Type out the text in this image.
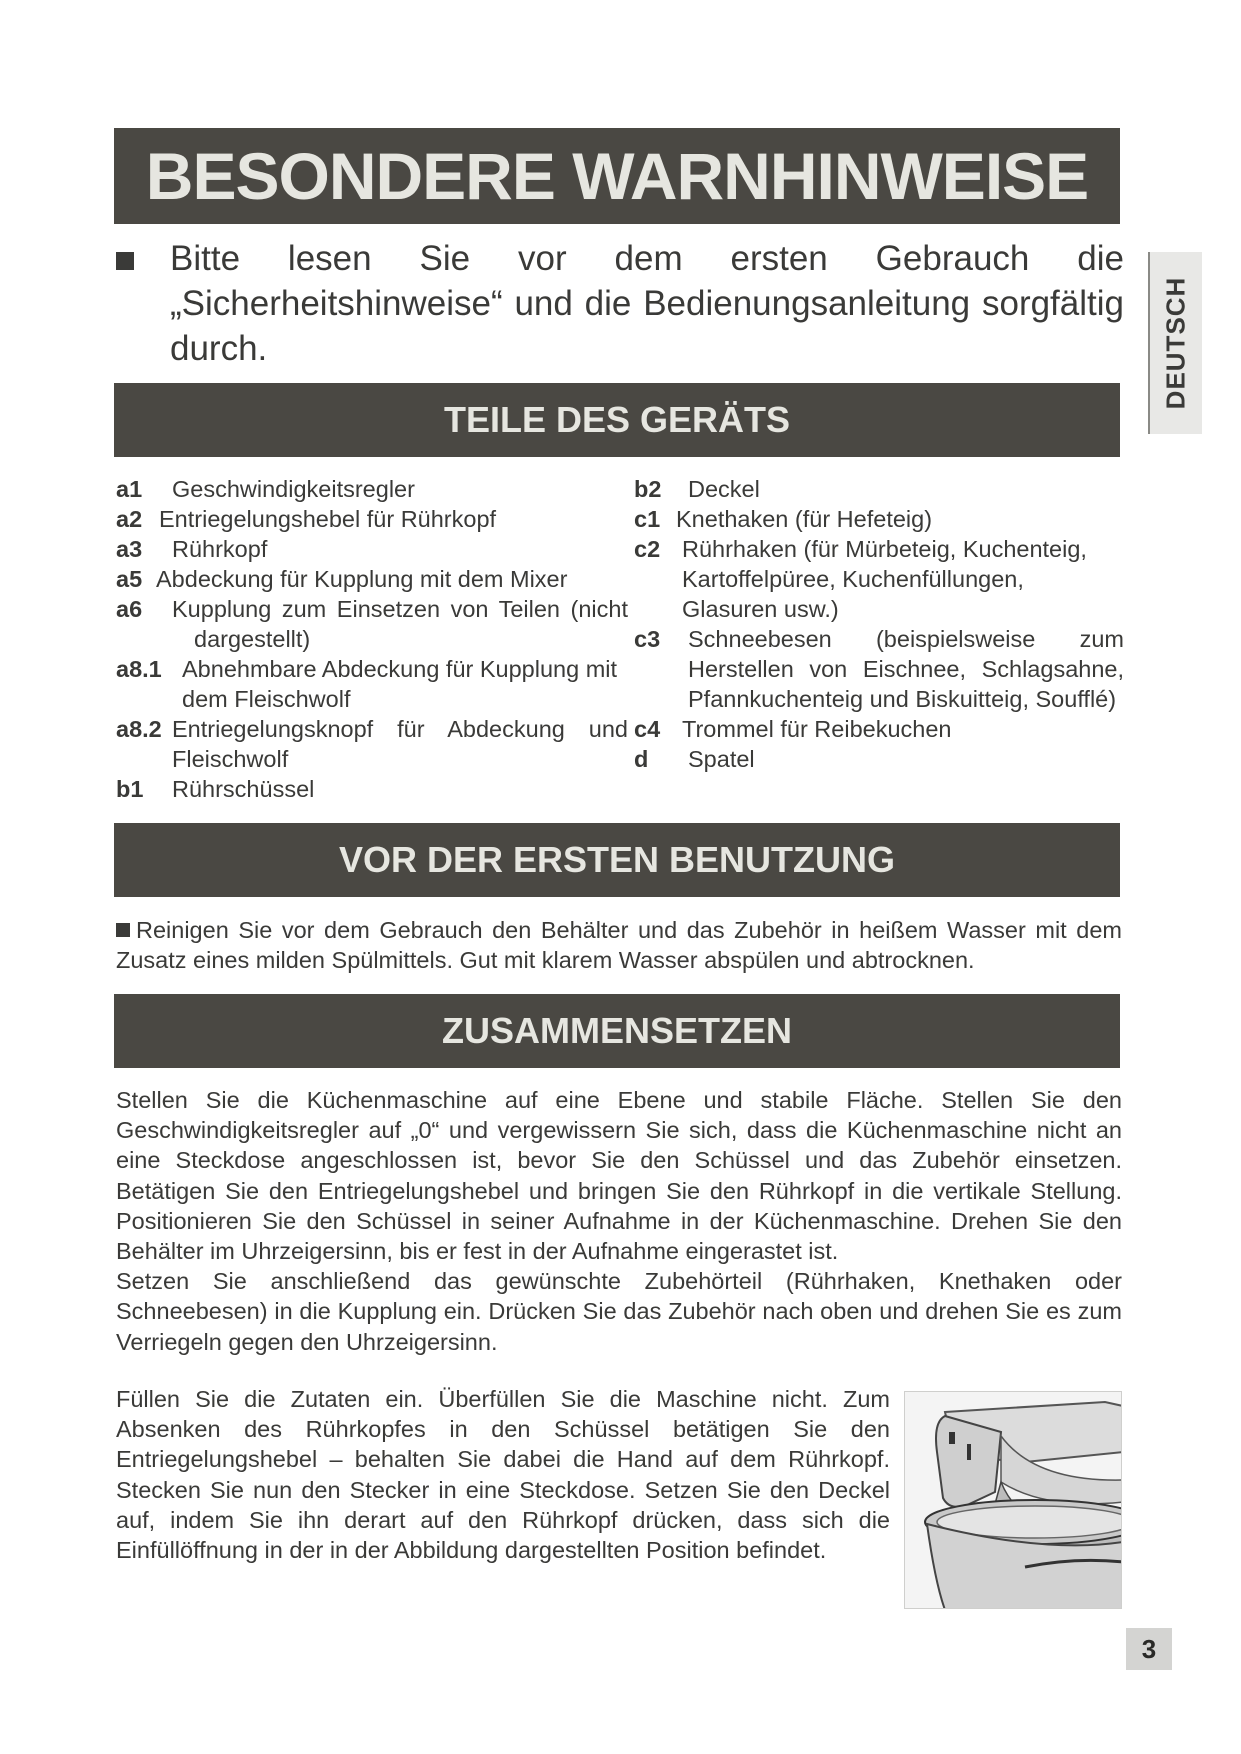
BESONDERE WARNHINWEISE
DEUTSCH

Bitte lesen Sie vor dem ersten Gebrauch die „Sicherheitshinweise“ und die Bedienungsanleitung sorgfältig durch.

TEILE DES GERÄTS
a1	Geschwindigkeitsregler
a2 Entriegelungshebel für Rührkopf
a3	Rührkopf
a5 Abdeckung für Kupplung mit dem Mixer
a6	Kupplung zum Einsetzen von Teilen (nicht dargestellt)
a8.1 Abnehmbare Abdeckung für Kupplung mit dem Fleischwolf
a8.2 Entriegelungsknopf für Abdeckung und Fleischwolf
b1	Rührschüssel
b2	Deckel
c1 Knethaken (für Hefeteig)
c2 Rührhaken (für Mürbeteig, Kuchenteig, Kartoffelpüree, Kuchenfüllungen, Glasuren usw.)
c3	Schneebesen (beispielsweise zum Herstellen von Eischnee, Schlagsahne, Pfannkuchenteig und Biskuitteig, Soufflé)
c4 Trommel für Reibekuchen
d	Spatel
VOR DER ERSTEN BENUTZUNG
Reinigen Sie vor dem Gebrauch den Behälter und das Zubehör in heißem Wasser mit dem Zusatz eines milden Spülmittels. Gut mit klarem Wasser abspülen und abtrocknen.
ZUSAMMENSETZEN

Stellen Sie die Küchenmaschine auf eine Ebene und stabile Fläche. Stellen Sie den Geschwindigkeitsregler auf „0“ und vergewissern Sie sich, dass die Küchenmaschine nicht an eine Steckdose angeschlossen ist, bevor Sie den Schüssel und das Zubehör einsetzen. Betätigen Sie den Entriegelungshebel und bringen Sie den Rührkopf in die vertikale Stellung. Positionieren Sie den Schüssel in seiner Aufnahme in der Küchenmaschine. Drehen Sie den Behälter im Uhrzeigersinn, bis er fest in der Aufnahme eingerastet ist.

Setzen Sie anschließend das gewünschte Zubehörteil (Rührhaken, Knethaken oder Schneebesen) in die Kupplung ein. Drücken Sie das Zubehör nach oben und drehen Sie es zum Verriegeln gegen den Uhrzeigersinn.

Füllen Sie die Zutaten ein. Überfüllen Sie die Maschine nicht. Zum Absenken des Rührkopfes in den Schüssel betätigen Sie den Entriegelungshebel – behalten Sie dabei die Hand auf dem Rührkopf. Stecken Sie nun den Stecker in eine Steckdose. Setzen Sie den Deckel auf, indem Sie ihn derart auf den Rührkopf drücken, dass sich die Einfüllöffnung in der in der Abbildung dargestellten Position befindet.

3
